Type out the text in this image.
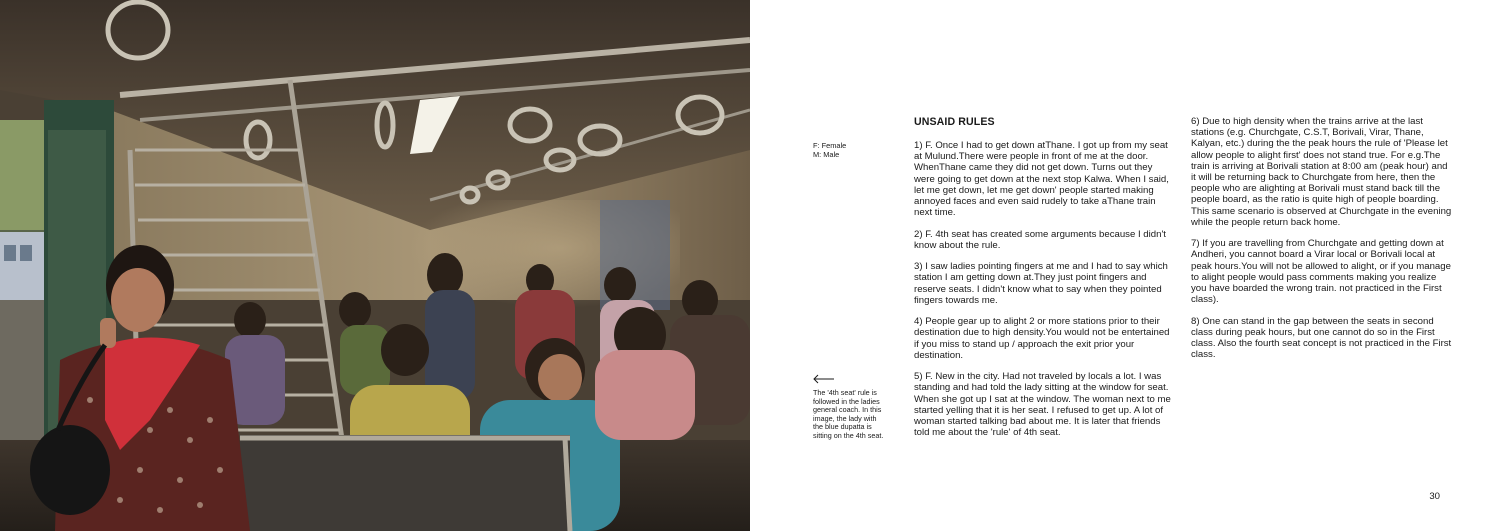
F: Female
M: Male

The '4th seat' rule is followed in the ladies general coach. In this image, the lady with the blue dupatta is sitting on the 4th seat.

UNSAID RULES

1) F. Once I had to get down atThane. I got up from my seat at Mulund.There were people in front of me at the door. WhenThane came they did not get down. Turns out they were going to get down at the next stop Kalwa. When I said, let me get down, let me get down' people started making annoyed faces and even said rudely to take aThane train next time.

2) F. 4th seat has created some arguments because I didn't know about the rule.

3) I saw ladies pointing fingers at me and I had to say which station I am getting down at.They just point fingers and reserve seats. I didn't know what to say when they pointed fingers towards me.

4) People gear up to alight 2 or more stations prior to their destination due to high density.You would not be entertained if you miss to stand up / approach the exit prior your destination.

5) F. New in the city. Had not traveled by locals a lot. I was standing and had told the lady sitting at the window for seat. When she got up I sat at the window. The woman next to me started yelling that it is her seat. I refused to get up. A lot of woman started talking bad about me. It is later that friends told me about the 'rule' of 4th seat.

6) Due to high density when the trains arrive at the last stations (e.g. Churchgate, C.S.T, Borivali, Virar, Thane, Kalyan, etc.) during the the peak hours the rule of 'Please let allow people to alight first' does not stand true. For e.g.The train is arriving at Borivali station at 8:00 am (peak hour) and it will be returning back to Churchgate from here, then the people who are alighting at Borivali must stand back till the people board, as the ratio is quite high of people boarding. This same scenario is observed at Churchgate in the evening while the people return back home.

7) If you are travelling from Churchgate and getting down at Andheri, you cannot board a Virar local or Borivali local at peak hours.You will not be allowed to alight, or if you manage to alight people would pass comments making you realize you have boarded the wrong train. not practiced in the First class).

8) One can stand in the gap between the seats in second class during peak hours, but one cannot do so in the First class. Also the fourth seat concept is not practiced in the First class.

30
